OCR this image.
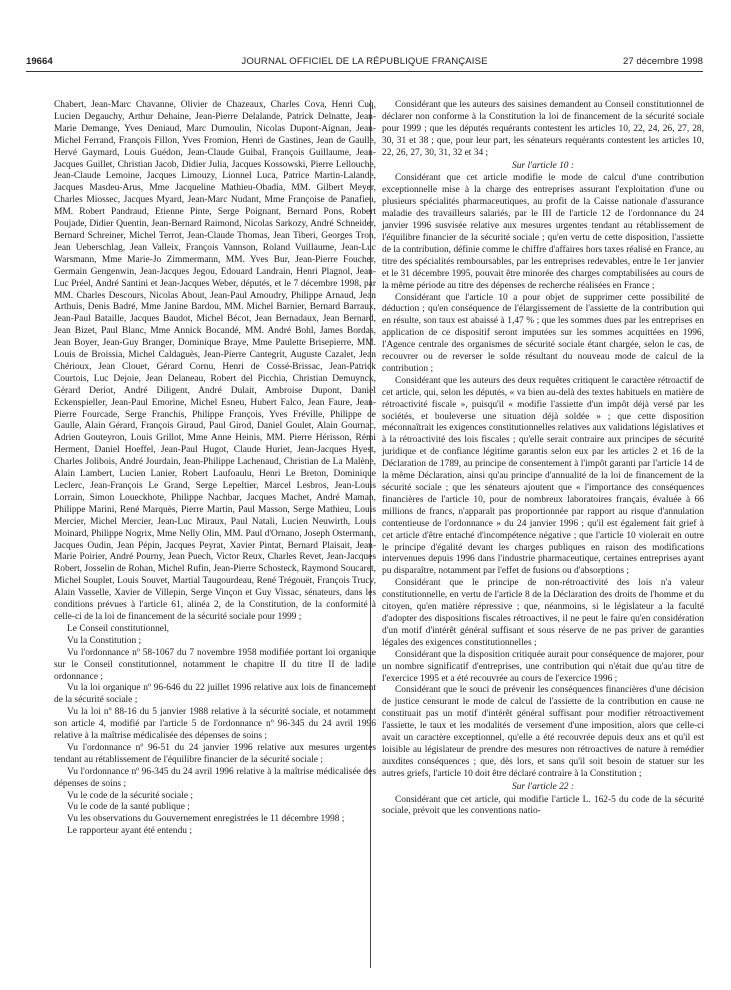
19664	JOURNAL OFFICIEL DE LA RÉPUBLIQUE FRANÇAISE	27 décembre 1998

Chabert, Jean-Marc Chavanne, Olivier de Chazeaux, Charles Cova, Henri Cuq, Lucien Degauchy, Arthur Dehaine, Jean-Pierre Delalande, Patrick Delnatte, Jean-Marie Demange, Yves Deniaud, Marc Dumoulin, Nicolas Dupont-Aignan, Jean-Michel Ferrand, François Fillon, Yves Fromion, Henri de Gastines, Jean de Gaulle, Hervé Gaymard, Louis Guédon, Jean-Claude Guibal, François Guillaume, Jean-Jacques Guillet, Christian Jacob, Didier Julia, Jacques Kossowski, Pierre Lellouche, Jean-Claude Lemoine, Jacques Limouzy, Lionnel Luca, Patrice Martin-Lalande, Jacques Masdeu-Arus, Mme Jacqueline Mathieu-Obadia, MM. Gilbert Meyer, Charles Miossec, Jacques Myard, Jean-Marc Nudant, Mme Françoise de Panafieu, MM. Robert Pandraud, Etienne Pinte, Serge Poignant, Bernard Pons, Robert Poujade, Didier Quentin, Jean-Bernard Raimond, Nicolas Sarkozy, André Schneider, Bernard Schreiner, Michel Terrot, Jean-Claude Thomas, Jean Tiberi, Georges Tron, Jean Ueberschlag, Jean Valleix, François Vannson, Roland Vuillaume, Jean-Luc Warsmann, Mme Marie-Jo Zimmermann, MM. Yves Bur, Jean-Pierre Foucher, Germain Gengenwin, Jean-Jacques Jegou, Edouard Landrain, Henri Plagnol, Jean-Luc Préel, André Santini et Jean-Jacques Weber, députés, et le 7 décembre 1998, par MM. Charles Descours, Nicolas About, Jean-Paul Amoudry, Philippe Arnaud, Jean Arthuis, Denis Badré, Mme Janine Bardou, MM. Michel Barnier, Bernard Barraux, Jean-Paul Bataille, Jacques Baudot, Michel Bécot, Jean Bernadaux, Jean Bernard, Jean Bizet, Paul Blanc, Mme Annick Bocandé, MM. André Bohl, James Bordas, Jean Boyer, Jean-Guy Branger, Dominique Braye, Mme Paulette Brisepierre, MM. Louis de Broissia, Michel Caldaguès, Jean-Pierre Cantegrit, Auguste Cazalet, Jean Chérioux, Jean Clouet, Gérard Cornu, Henri de Cossé-Brissac, Jean-Patrick Courtois, Luc Dejoie, Jean Delaneau, Robert del Picchia, Christian Demuynck, Gérard Deriot, André Diligent, André Dulait, Ambroise Dupont, Daniel Eckenspieller, Jean-Paul Emorine, Michel Esneu, Hubert Falco, Jean Faure, Jean-Pierre Fourcade, Serge Franchis, Philippe François, Yves Fréville, Philippe de Gaulle, Alain Gérard, François Giraud, Paul Girod, Daniel Goulet, Alain Gournac, Adrien Gouteyron, Louis Grillot, Mme Anne Heinis, MM. Pierre Hérisson, Rémi Herment, Daniel Hoeffel, Jean-Paul Hugot, Claude Huriet, Jean-Jacques Hyest, Charles Jolibois, André Jourdain, Jean-Philippe Lachenaud, Christian de La Malène, Alain Lambert, Lucien Lanier, Robert Laufoaulu, Henri Le Breton, Dominique Leclerc, Jean-François Le Grand, Serge Lepeltier, Marcel Lesbros, Jean-Louis Lorrain, Simon Loueckhote, Philippe Nachbar, Jacques Machet, André Maman, Philippe Marini, René Marquès, Pierre Martin, Paul Masson, Serge Mathieu, Louis Mercier, Michel Mercier, Jean-Luc Miraux, Paul Natali, Lucien Neuwirth, Louis Moinard, Philippe Nogrix, Mme Nelly Olin, MM. Paul d'Ornano, Joseph Ostermann, Jacques Oudin, Jean Pépin, Jacques Peyrat, Xavier Pintat, Bernard Plaisait, Jean-Marie Poirier, André Pourny, Jean Puech, Victor Reux, Charles Revet, Jean-Jacques Robert, Josselin de Rohan, Michel Rufin, Jean-Pierre Schosteck, Raymond Soucaret, Michel Souplet, Louis Souvet, Martial Taugourdeau, René Trégouët, François Trucy, Alain Vasselle, Xavier de Villepin, Serge Vinçon et Guy Vissac, sénateurs, dans les conditions prévues à l'article 61, alinéa 2, de la Constitution, de la conformité à celle-ci de la loi de financement de la sécurité sociale pour 1999 ;

Le Conseil constitutionnel,

Vu la Constitution ;

Vu l'ordonnance nº 58-1067 du 7 novembre 1958 modifiée portant loi organique sur le Conseil constitutionnel, notamment le chapitre II du titre II de ladite ordonnance ;

Vu la loi organique nº 96-646 du 22 juillet 1996 relative aux lois de financement de la sécurité sociale ;

Vu la loi nº 88-16 du 5 janvier 1988 relative à la sécurité sociale, et notamment son article 4, modifié par l'article 5 de l'ordonnance nº 96-345 du 24 avril 1996 relative à la maîtrise médicalisée des dépenses de soins ;

Vu l'ordonnance nº 96-51 du 24 janvier 1996 relative aux mesures urgentes tendant au rétablissement de l'équilibre financier de la sécurité sociale ;

Vu l'ordonnance nº 96-345 du 24 avril 1996 relative à la maîtrise médicalisée des dépenses de soins ;

Vu le code de la sécurité sociale ;

Vu le code de la santé publique ;

Vu les observations du Gouvernement enregistrées le 11 décembre 1998 ;

Le rapporteur ayant été entendu ;

Considérant que les auteurs des saisines demandent au Conseil constitutionnel de déclarer non conforme à la Constitution la loi de financement de la sécurité sociale pour 1999 ; que les députés requérants contestent les articles 10, 22, 24, 26, 27, 28, 30, 31 et 38 ; que, pour leur part, les sénateurs requérants contestent les articles 10, 22, 26, 27, 30, 31, 32 et 34 ;

Sur l'article 10 :

Considérant que cet article modifie le mode de calcul d'une contribution exceptionnelle mise à la charge des entreprises assurant l'exploitation d'une ou plusieurs spécialités pharmaceutiques, au profit de la Caisse nationale d'assurance maladie des travailleurs salariés, par le III de l'article 12 de l'ordonnance du 24 janvier 1996 susvisée relative aux mesures urgentes tendant au rétablissement de l'équilibre financier de la sécurité sociale ; qu'en vertu de cette disposition, l'assiette de la contribution, définie comme le chiffre d'affaires hors taxes réalisé en France, au titre des spécialités remboursables, par les entreprises redevables, entre le 1er janvier et le 31 décembre 1995, pouvait être minorée des charges comptabilisées au cours de la même période au titre des dépenses de recherche réalisées en France ;

Considérant que l'article 10 a pour objet de supprimer cette possibilité de déduction ; qu'en conséquence de l'élargissement de l'assiette de la contribution qui en résulte, son taux est abaissé à 1,47 % ; que les sommes dues par les entreprises en application de ce dispositif seront imputées sur les sommes acquittées en 1996, l'Agence centrale des organismes de sécurité sociale étant chargée, selon le cas, de recouvrer ou de reverser le solde résultant du nouveau mode de calcul de la contribution ;

Considérant que les auteurs des deux requêtes critiquent le caractère rétroactif de cet article, qui, selon les députés, « va bien au-delà des textes habituels en matière de rétroactivité fiscale », puisqu'il « modifie l'assiette d'un impôt déjà versé par les sociétés, et bouleverse une situation déjà soldée » ; que cette disposition méconnaîtrait les exigences constitutionnelles relatives aux validations législatives et à la rétroactivité des lois fiscales ; qu'elle serait contraire aux principes de sécurité juridique et de confiance légitime garantis selon eux par les articles 2 et 16 de la Déclaration de 1789, au principe de consentement à l'impôt garanti par l'article 14 de la même Déclaration, ainsi qu'au principe d'annualité de la loi de financement de la sécurité sociale ; que les sénateurs ajoutent que « l'importance des conséquences financières de l'article 10, pour de nombreux laboratoires français, évaluée à 66 millions de francs, n'apparaît pas proportionnée par rapport au risque d'annulation contentieuse de l'ordonnance » du 24 janvier 1996 ; qu'il est également fait grief à cet article d'être entaché d'incompétence négative ; que l'article 10 violerait en outre le principe d'égalité devant les charges publiques en raison des modifications intervenues depuis 1996 dans l'industrie pharmaceutique, certaines entreprises ayant pu disparaître, notamment par l'effet de fusions ou d'absorptions ;

Considérant que le principe de non-rétroactivité des lois n'a valeur constitutionnelle, en vertu de l'article 8 de la Déclaration des droits de l'homme et du citoyen, qu'en matière répressive ; que, néanmoins, si le législateur a la faculté d'adopter des dispositions fiscales rétroactives, il ne peut le faire qu'en considération d'un motif d'intérêt général suffisant et sous réserve de ne pas priver de garanties légales des exigences constitutionnelles ;

Considérant que la disposition critiquée aurait pour conséquence de majorer, pour un nombre significatif d'entreprises, une contribution qui n'était due qu'au titre de l'exercice 1995 et a été recouvrée au cours de l'exercice 1996 ;

Considérant que le souci de prévenir les conséquences financières d'une décision de justice censurant le mode de calcul de l'assiette de la contribution en cause ne constituait pas un motif d'intérêt général suffisant pour modifier rétroactivement l'assiette, le taux et les modalités de versement d'une imposition, alors que celle-ci avait un caractère exceptionnel, qu'elle a été recouvrée depuis deux ans et qu'il est loisible au législateur de prendre des mesures non rétroactives de nature à remédier auxdites conséquences ; que, dès lors, et sans qu'il soit besoin de statuer sur les autres griefs, l'article 10 doit être déclaré contraire à la Constitution ;

Sur l'article 22 :

Considérant que cet article, qui modifie l'article L. 162-5 du code de la sécurité sociale, prévoit que les conventions natio-
